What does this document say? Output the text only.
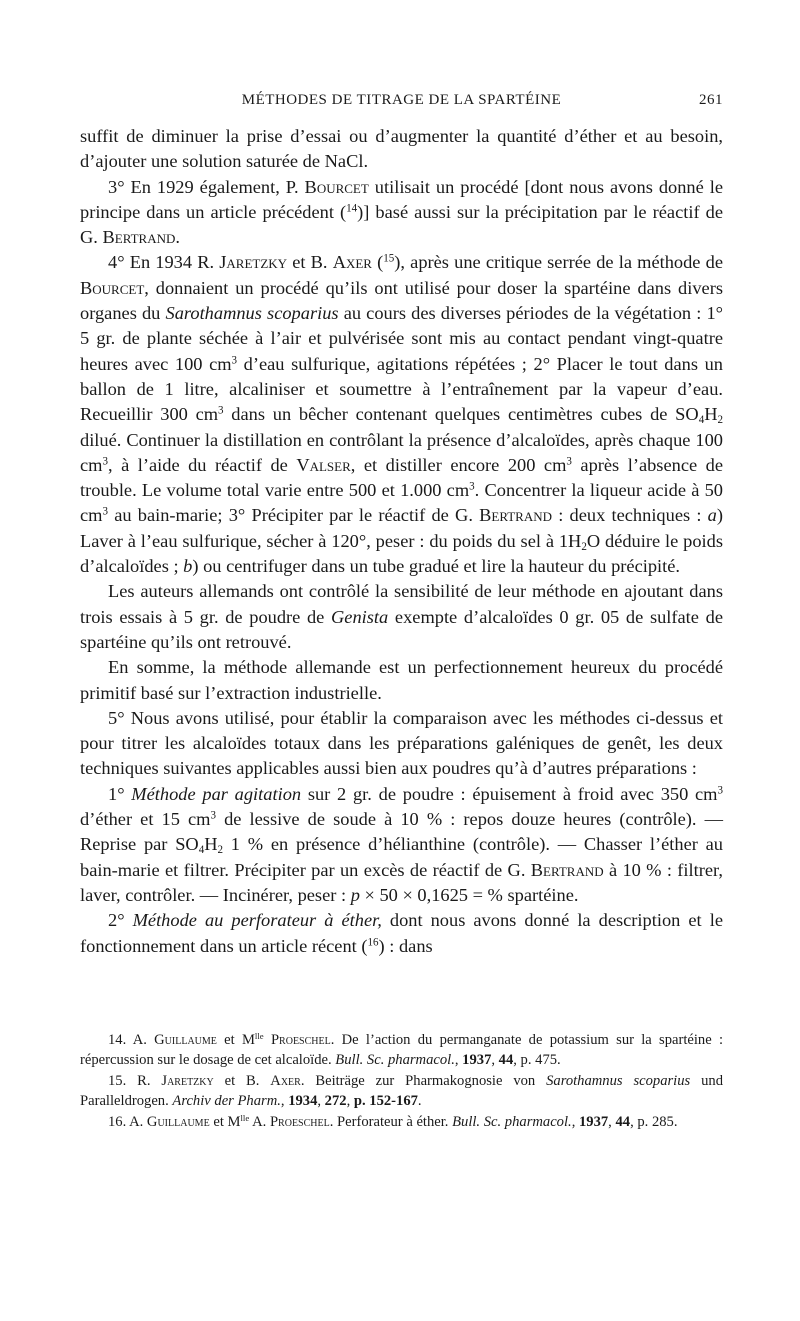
MÉTHODES DE TITRAGE DE LA SPARTÉINE	261

suffit de diminuer la prise d’essai ou d’augmenter la quantité d’éther et au besoin, d’ajouter une solution saturée de NaCl.

3° En 1929 également, P. Bourcet utilisait un procédé [dont nous avons donné le principe dans un article précédent ($^{14}$)] basé aussi sur la précipitation par le réactif de G. Bertrand.

4° En 1934 R. Jaretzky et B. Axer ($^{15}$), après une critique serrée de la méthode de Bourcet, donnaient un procédé qu’ils ont utilisé pour doser la spartéine dans divers organes du Sarothamnus scoparius au cours des diverses périodes de la végétation : 1° 5 gr. de plante séchée à l’air et pulvérisée sont mis au contact pendant vingt-quatre heures avec 100 $cm^3$ d’eau sulfurique, agitations répétées ; 2° Placer le tout dans un ballon de 1 litre, alcaliniser et soumettre à l’entraînement par la vapeur d’eau. Recueillir 300 $cm^3$ dans un bêcher contenant quelques centimètres cubes de $SO_4H_2$ dilué. Continuer la distillation en contrôlant la présence d’alcaloïdes, après chaque 100 $cm^3$, à l’aide du réactif de Valser, et distiller encore 200 $cm^3$ après l’absence de trouble. Le volume total varie entre 500 et 1.000 $cm^3$. Concentrer la liqueur acide à 50 $cm^3$ au bain-marie; 3° Précipiter par le réactif de G. Bertrand : deux techniques : a) Laver à l’eau sulfurique, sécher à 120°, peser : du poids du sel à $1H_2O$ déduire le poids d’alcaloïdes ; b) ou centrifuger dans un tube gradué et lire la hauteur du précipité.

Les auteurs allemands ont contrôlé la sensibilité de leur méthode en ajoutant dans trois essais à 5 gr. de poudre de Genista exempte d’alcaloïdes 0 gr. 05 de sulfate de spartéine qu’ils ont retrouvé.

En somme, la méthode allemande est un perfectionnement heureux du procédé primitif basé sur l’extraction industrielle.

5° Nous avons utilisé, pour établir la comparaison avec les méthodes ci-dessus et pour titrer les alcaloïdes totaux dans les préparations galéniques de genêt, les deux techniques suivantes applicables aussi bien aux poudres qu’à d’autres préparations :

1° Méthode par agitation sur 2 gr. de poudre : épuisement à froid avec 350 $cm^3$ d’éther et 15 $cm^3$ de lessive de soude à 10 % : repos douze heures (contrôle). — Reprise par $SO_4H_2$ 1 % en présence d’hélianthine (contrôle). — Chasser l’éther au bain-marie et filtrer. Précipiter par un excès de réactif de G. Bertrand à 10 % : filtrer, laver, contrôler. — Incinérer, peser : p × 50 × 0,1625 = % spartéine.

2° Méthode au perforateur à éther, dont nous avons donné la description et le fonctionnement dans un article récent ($^{16}$) : dans

14. A. Guillaume et $M^{lle}$ Proeschel. De l’action du permanganate de potassium sur la spartéine : répercussion sur le dosage de cet alcaloïde. Bull. Sc. pharmacol., 1937, 44, p. 475.

15. R. Jaretzky et B. Axer. Beiträge zur Pharmakognosie von Sarothamnus scoparius und Paralleldrogen. Archiv der Pharm., 1934, 272, p. 152-167.

16. A. Guillaume et $M^{lle}$ A. Proeschel. Perforateur à éther. Bull. Sc. pharmacol., 1937, 44, p. 285.
